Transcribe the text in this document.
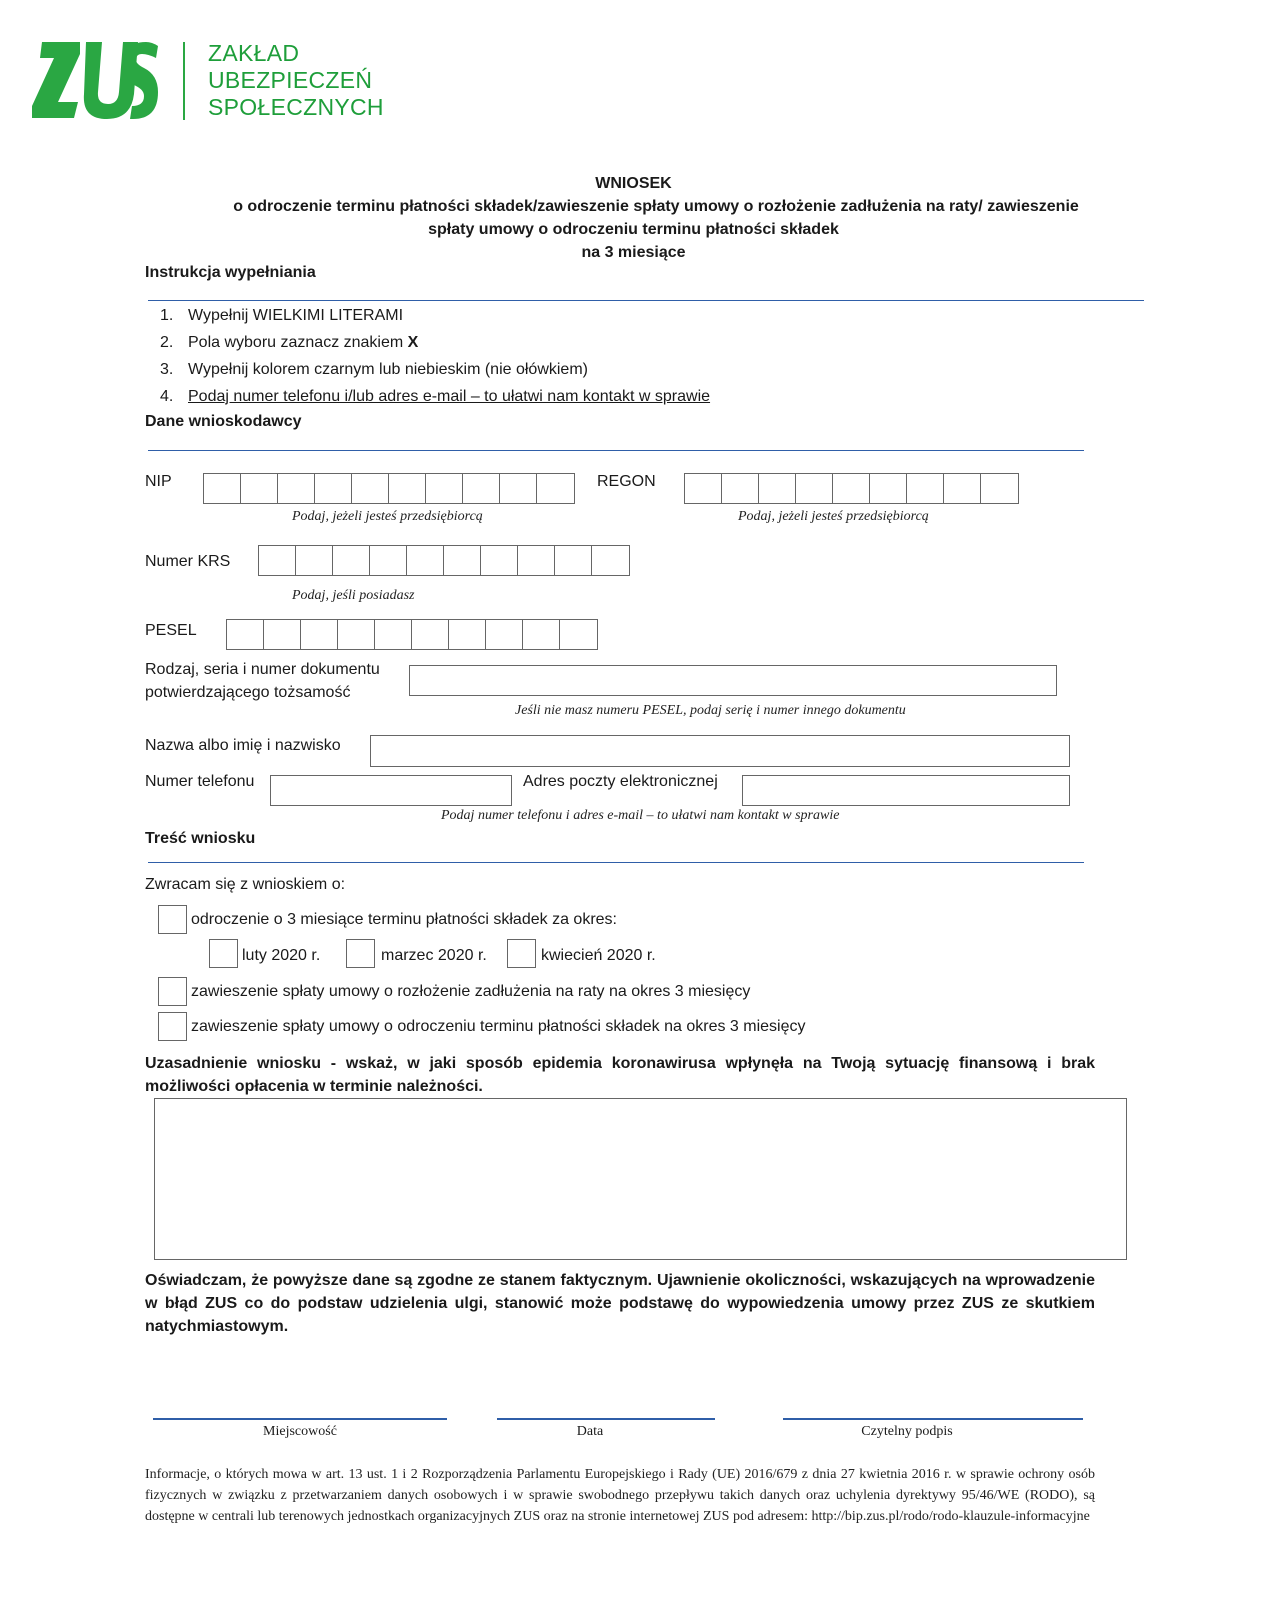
ZAKŁAD
UBEZPIECZEŃ
SPOŁECZNYCH
WNIOSEK
o odroczenie terminu płatności składek/zawieszenie spłaty umowy o rozłożenie zadłużenia na raty/ zawieszenie
spłaty umowy o odroczeniu terminu płatności składek
na 3 miesiące
Instrukcja wypełniania
1. Wypełnij WIELKIMI LITERAMI
2. Pola wyboru zaznacz znakiem X
3. Wypełnij kolorem czarnym lub niebieskim (nie ołówkiem)
4. Podaj numer telefonu i/lub adres e-mail – to ułatwi nam kontakt w sprawie
Dane wnioskodawcy
NIP
Podaj, jeżeli jesteś przedsiębiorcą
REGON
Podaj, jeżeli jesteś przedsiębiorcą
Numer KRS
Podaj, jeśli posiadasz
PESEL
Rodzaj, seria i numer dokumentu
potwierdzającego tożsamość
Jeśli nie masz numeru PESEL, podaj serię i numer innego dokumentu
Nazwa albo imię i nazwisko
Numer telefonu	Adres poczty elektronicznej
Podaj numer telefonu i adres e-mail – to ułatwi nam kontakt w sprawie
Treść wniosku
Zwracam się z wnioskiem o:
odroczenie o 3 miesiące terminu płatności składek za okres:
luty 2020 r.	marzec 2020 r.	kwiecień 2020 r.
zawieszenie spłaty umowy o rozłożenie zadłużenia na raty na okres 3 miesięcy
zawieszenie spłaty umowy o odroczeniu terminu płatności składek na okres 3 miesięcy
Uzasadnienie wniosku - wskaż, w jaki sposób epidemia koronawirusa wpłynęła na Twoją sytuację finansową i brak możliwości opłacenia w terminie należności.
Oświadczam, że powyższe dane są zgodne ze stanem faktycznym. Ujawnienie okoliczności, wskazujących na wprowadzenie w błąd ZUS co do podstaw udzielenia ulgi, stanowić może podstawę do wypowiedzenia umowy przez ZUS ze skutkiem natychmiastowym.
Miejscowość	Data	Czytelny podpis
Informacje, o których mowa w art. 13 ust. 1 i 2 Rozporządzenia Parlamentu Europejskiego i Rady (UE) 2016/679 z dnia 27 kwietnia 2016 r. w sprawie ochrony osób fizycznych w związku z przetwarzaniem danych osobowych i w sprawie swobodnego przepływu takich danych oraz uchylenia dyrektywy 95/46/WE (RODO), są dostępne w centrali lub terenowych jednostkach organizacyjnych ZUS oraz na stronie internetowej ZUS pod adresem: http://bip.zus.pl/rodo/rodo-klauzule-informacyjne
